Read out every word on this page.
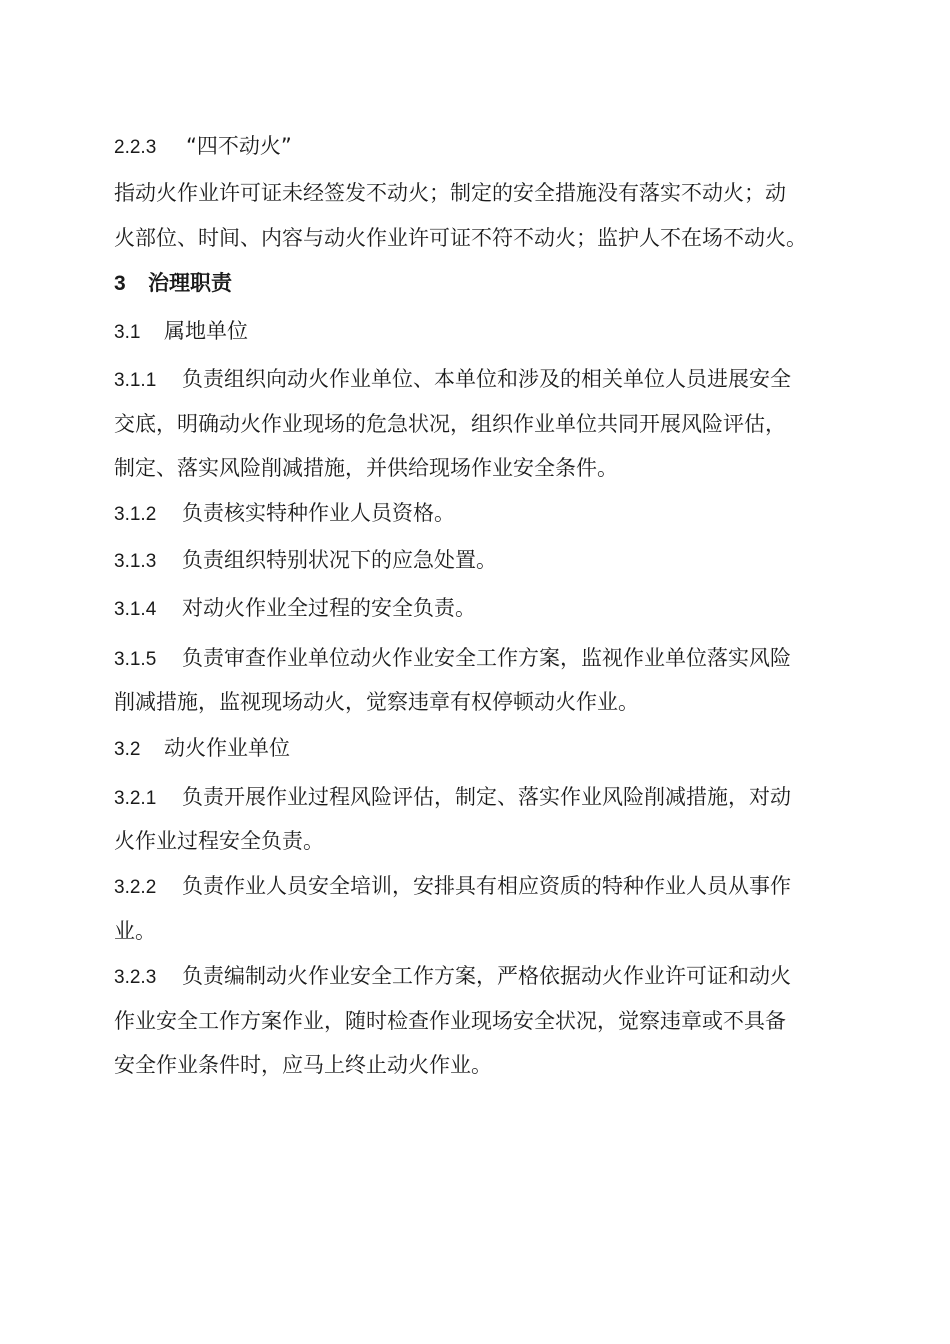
2.2.3 “四不动火”
指动火作业许可证未经签发不动火；制定的安全措施没有落实不动火；动
火部位、时间、内容与动火作业许可证不符不动火；监护人不在场不动火。
3 治理职责
3.1 属地单位
3.1.1 负责组织向动火作业单位、本单位和涉及的相关单位人员进展安全
交底，明确动火作业现场的危急状况，组织作业单位共同开展风险评估，
制定、落实风险削减措施，并供给现场作业安全条件。
3.1.2 负责核实特种作业人员资格。
3.1.3 负责组织特别状况下的应急处置。
3.1.4 对动火作业全过程的安全负责。
3.1.5 负责审查作业单位动火作业安全工作方案，监视作业单位落实风险
削减措施，监视现场动火，觉察违章有权停顿动火作业。
3.2 动火作业单位
3.2.1 负责开展作业过程风险评估，制定、落实作业风险削减措施，对动
火作业过程安全负责。
3.2.2 负责作业人员安全培训，安排具有相应资质的特种作业人员从事作
业。
3.2.3 负责编制动火作业安全工作方案，严格依据动火作业许可证和动火
作业安全工作方案作业，随时检查作业现场安全状况，觉察违章或不具备
安全作业条件时，应马上终止动火作业。
